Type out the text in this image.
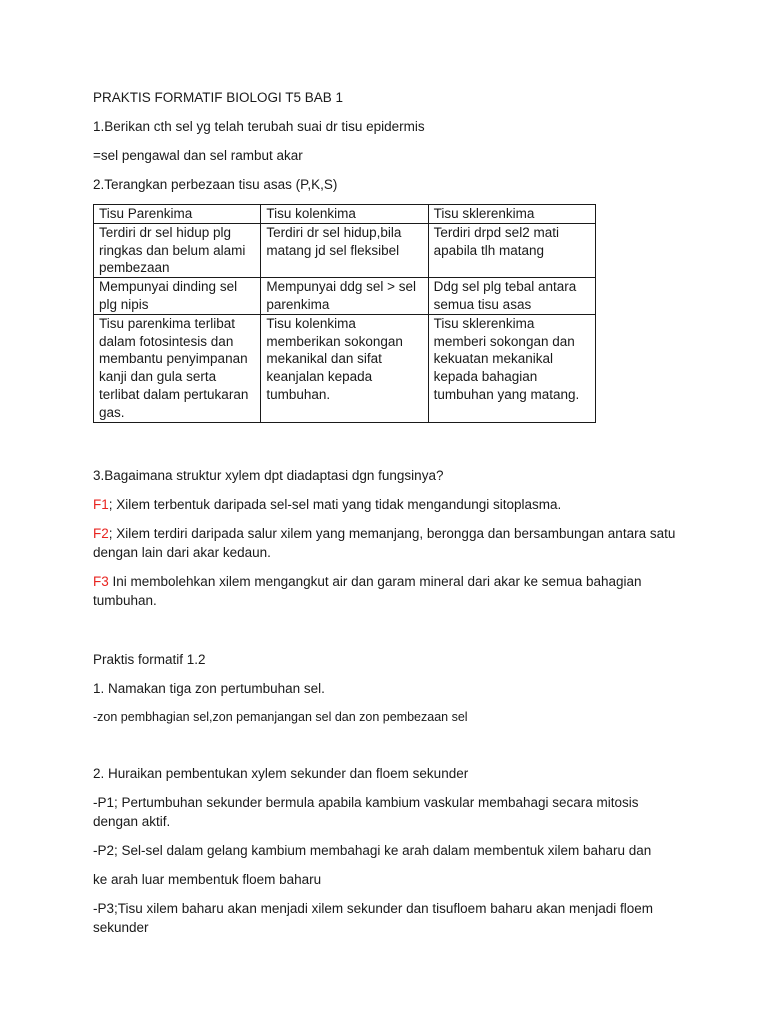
PRAKTIS FORMATIF BIOLOGI T5 BAB 1
1.Berikan cth sel yg telah terubah suai dr tisu epidermis
=sel pengawal dan sel rambut akar
2.Terangkan perbezaan tisu asas (P,K,S)
Tisu Parenkima	Tisu kolenkima	Tisu sklerenkima
Terdiri dr sel hidup plg ringkas dan belum alami pembezaan	Terdiri dr sel hidup,bila matang jd sel fleksibel	Terdiri drpd sel2 mati apabila tlh matang
Mempunyai dinding sel plg nipis	Mempunyai ddg sel > sel parenkima	Ddg sel plg tebal antara semua tisu asas
Tisu parenkima terlibat dalam fotosintesis dan membantu penyimpanan kanji dan gula serta terlibat dalam pertukaran gas.	Tisu kolenkima memberikan sokongan mekanikal dan sifat keanjalan kepada tumbuhan.	Tisu sklerenkima memberi sokongan dan kekuatan mekanikal kepada bahagian tumbuhan yang matang.
3.Bagaimana struktur xylem dpt diadaptasi dgn fungsinya?
F1; Xilem terbentuk daripada sel-sel mati yang tidak mengandungi sitoplasma.
F2; Xilem terdiri daripada salur xilem yang memanjang, berongga dan bersambungan antara satu dengan lain dari akar kedaun.
F3 Ini membolehkan xilem mengangkut air dan garam mineral dari akar ke semua bahagian tumbuhan.
Praktis formatif 1.2
1. Namakan tiga zon pertumbuhan sel.
-zon pembhagian sel,zon pemanjangan sel dan zon pembezaan sel
2. Huraikan pembentukan xylem sekunder dan floem sekunder
-P1; Pertumbuhan sekunder bermula apabila kambium vaskular membahagi secara mitosis dengan aktif.
-P2; Sel-sel dalam gelang kambium membahagi ke arah dalam membentuk xilem baharu dan
ke arah luar membentuk floem baharu
-P3;Tisu xilem baharu akan menjadi xilem sekunder dan tisufloem baharu akan menjadi floem sekunder
